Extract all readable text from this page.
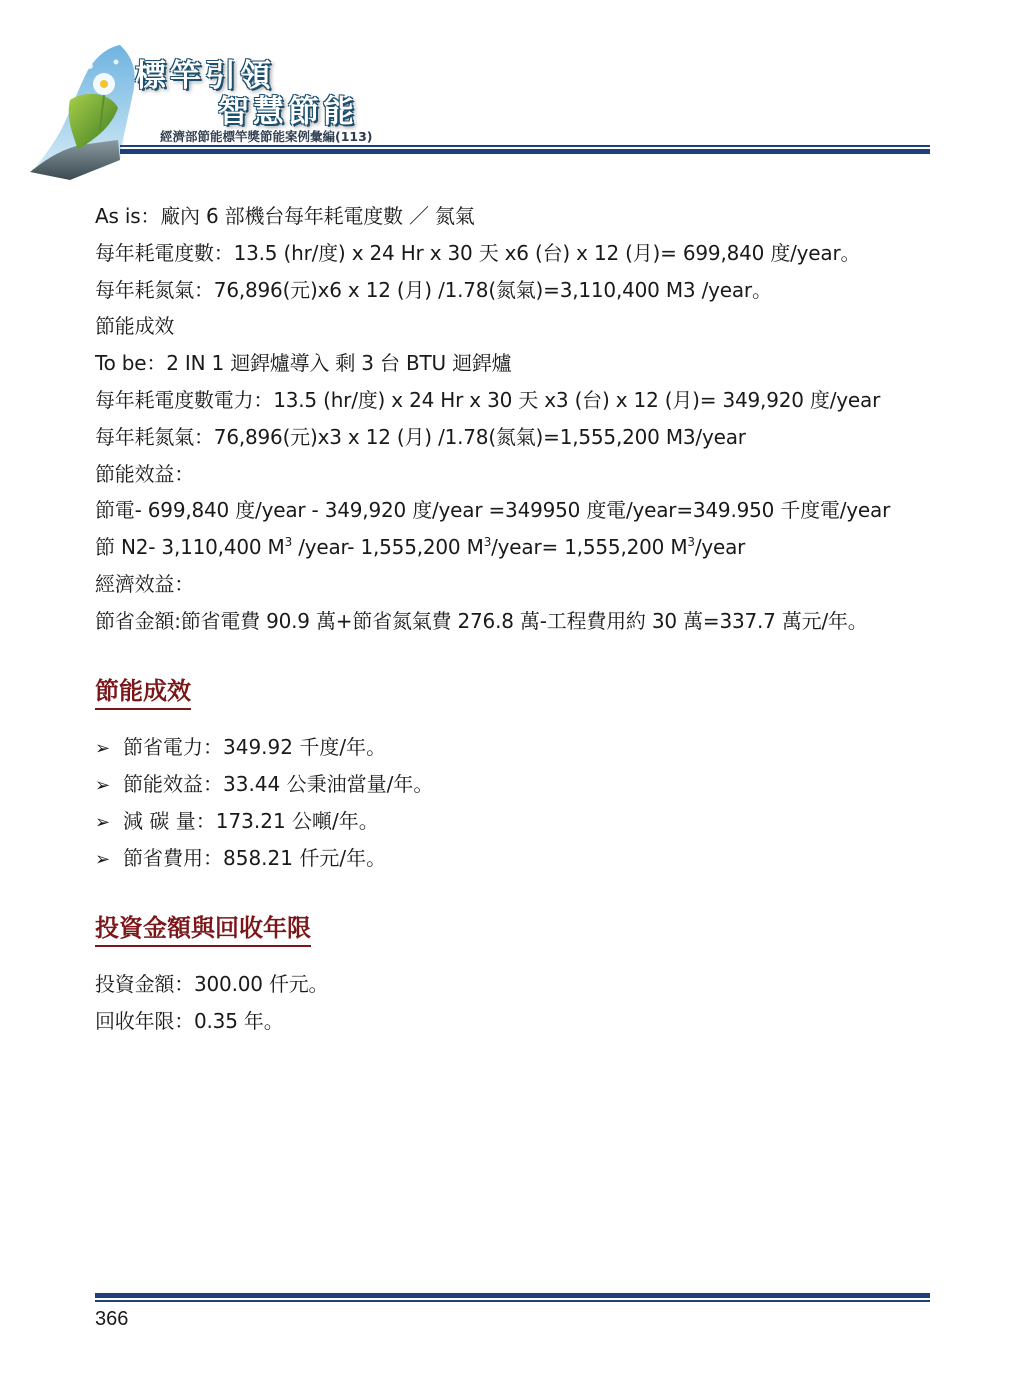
標竿引領
智慧節能
經濟部節能標竿獎節能案例彙編(113)
As is：廠內 6 部機台每年耗電度數 ／ 氮氣
每年耗電度數：13.5 (hr/度) x 24 Hr x 30 天 x6 (台) x 12 (月)= 699,840 度/year。
每年耗氮氣：76,896(元)x6 x 12 (月) /1.78(氮氣)=3,110,400 M3 /year。
節能成效
To be：2 IN 1 迴銲爐導入 剩 3 台 BTU 迴銲爐
每年耗電度數電力：13.5 (hr/度) x 24 Hr x 30 天 x3 (台) x 12 (月)= 349,920 度/year
每年耗氮氣：76,896(元)x3 x 12 (月) /1.78(氮氣)=1,555,200 M3/year
節能效益：
節電- 699,840 度/year - 349,920 度/year =349950 度電/year=349.950 千度電/year
節 N2- 3,110,400 $M^3$ /year- 1,555,200 $M^3/year= 1,555,200$ $M^3$/year
經濟效益：
節省金額:節省電費 90.9 萬+節省氮氣費 276.8 萬-工程費用約 30 萬=337.7 萬元/年。
節能成效
➢ 節省電力：349.92 千度/年。
➢ 節能效益：33.44 公秉油當量/年。
➢ 減 碳 量：173.21 公噸/年。
➢ 節省費用：858.21 仟元/年。
投資金額與回收年限
投資金額：300.00 仟元。
回收年限：0.35 年。
366
